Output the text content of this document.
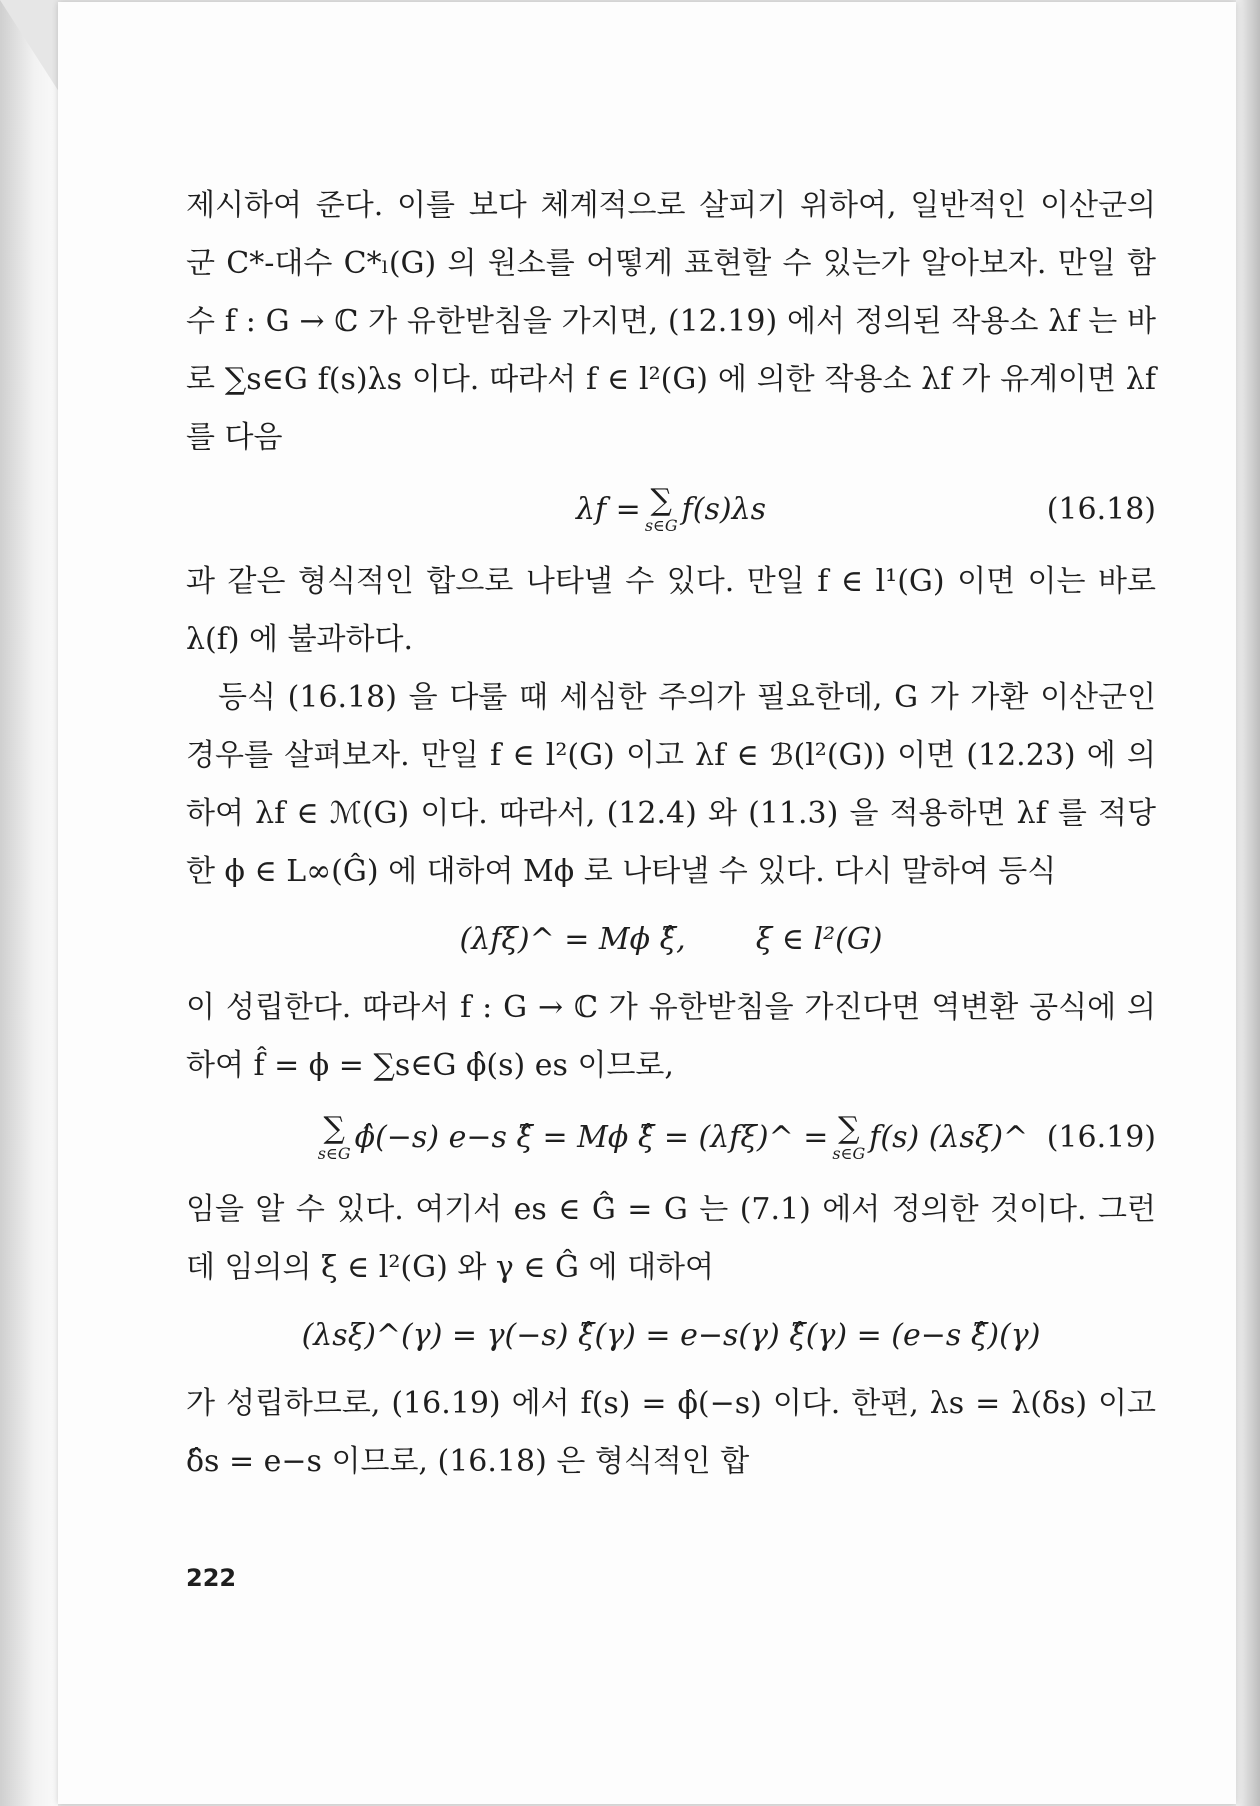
제시하여 준다. 이를 보다 체계적으로 살피기 위하여, 일반적인 이산군의 군 C*-대수 C*ₗ(G) 의 원소를 어떻게 표현할 수 있는가 알아보자. 만일 함수 f : G → ℂ 가 유한받침을 가지면, (12.19) 에서 정의된 작용소 λf 는 바로 ∑s∈G f(s)λs 이다. 따라서 f ∈ l²(G) 에 의한 작용소 λf 가 유계이면 λf 를 다음

λf = ∑
s∈G f(s)λs	(16.18)

과 같은 형식적인 합으로 나타낼 수 있다. 만일 f ∈ l¹(G) 이면 이는 바로 λ(f) 에 불과하다.

등식 (16.18) 을 다룰 때 세심한 주의가 필요한데, G 가 가환 이산군인 경우를 살펴보자. 만일 f ∈ l²(G) 이고 λf ∈ ℬ(l²(G)) 이면 (12.23) 에 의하여 λf ∈ ℳ(G) 이다. 따라서, (12.4) 와 (11.3) 을 적용하면 λf 를 적당한 ϕ ∈ L∞(Ĝ) 에 대하여 Mϕ 로 나타낼 수 있다. 다시 말하여 등식

(λfξ)^ = Mϕ ξ̂, ξ ∈ l²(G)

이 성립한다. 따라서 f : G → ℂ 가 유한받침을 가진다면 역변환 공식에 의하여 f̂ = ϕ = ∑s∈G ϕ̂(s) es 이므로,

∑
s∈G ϕ̂(−s) e−s ξ̂ = Mϕ ξ̂ = (λfξ)^ = ∑
s∈G f(s) (λsξ)^ (16.19)

임을 알 수 있다. 여기서 es ∈ Ĝ̂ = G 는 (7.1) 에서 정의한 것이다. 그런데 임의의 ξ ∈ l²(G) 와 γ ∈ Ĝ 에 대하여

(λsξ)^(γ) = γ(−s) ξ̂(γ) = e−s(γ) ξ̂(γ) = (e−s ξ̂)(γ)

가 성립하므로, (16.19) 에서 f(s) = ϕ̂(−s) 이다. 한편, λs = λ(δs) 이고 δ̂s = e−s 이므로, (16.18) 은 형식적인 합

222
